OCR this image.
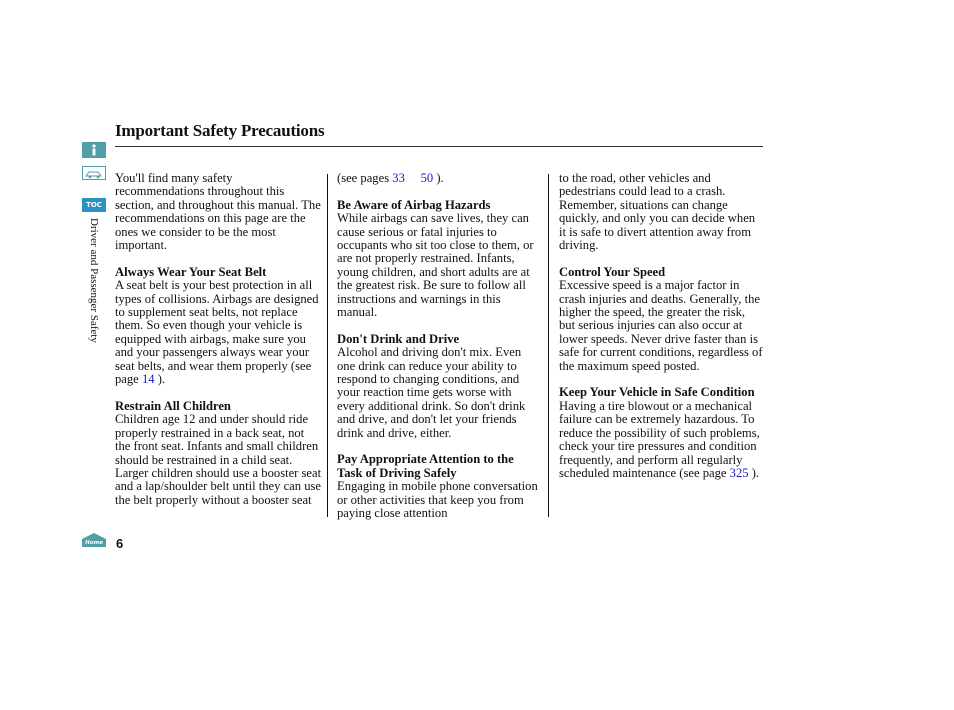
Important Safety Precautions
TOC
Driver and Passenger Safety
Home 6

You'll find many safety recommendations throughout this section, and throughout this manual. The recommendations on this page are the ones we consider to be the most important.

Always Wear Your Seat Belt

A seat belt is your best protection in all types of collisions. Airbags are designed to supplement seat belts, not replace them. So even though your vehicle is equipped with airbags, make sure you and your passengers always wear your seat belts, and wear them properly (see page 14 ).

Restrain All Children

Children age 12 and under should ride properly restrained in a back seat, not the front seat. Infants and small children should be restrained in a child seat. Larger children should use a booster seat and a lap/shoulder belt until they can use the belt properly without a booster seat

(see pages 33 50 ).

Be Aware of Airbag Hazards

While airbags can save lives, they can cause serious or fatal injuries to occupants who sit too close to them, or are not properly restrained. Infants, young children, and short adults are at the greatest risk. Be sure to follow all instructions and warnings in this manual.

Don't Drink and Drive

Alcohol and driving don't mix. Even one drink can reduce your ability to respond to changing conditions, and your reaction time gets worse with every additional drink. So don't drink and drive, and don't let your friends drink and drive, either.

Pay Appropriate Attention to the Task of Driving Safely

Engaging in mobile phone conversation or other activities that keep you from paying close attention

to the road, other vehicles and pedestrians could lead to a crash. Remember, situations can change quickly, and only you can decide when it is safe to divert attention away from driving.

Control Your Speed

Excessive speed is a major factor in crash injuries and deaths. Generally, the higher the speed, the greater the risk, but serious injuries can also occur at lower speeds. Never drive faster than is safe for current conditions, regardless of the maximum speed posted.

Keep Your Vehicle in Safe Condition

Having a tire blowout or a mechanical failure can be extremely hazardous. To reduce the possibility of such problems, check your tire pressures and condition frequently, and perform all regularly scheduled maintenance (see page 325 ).
